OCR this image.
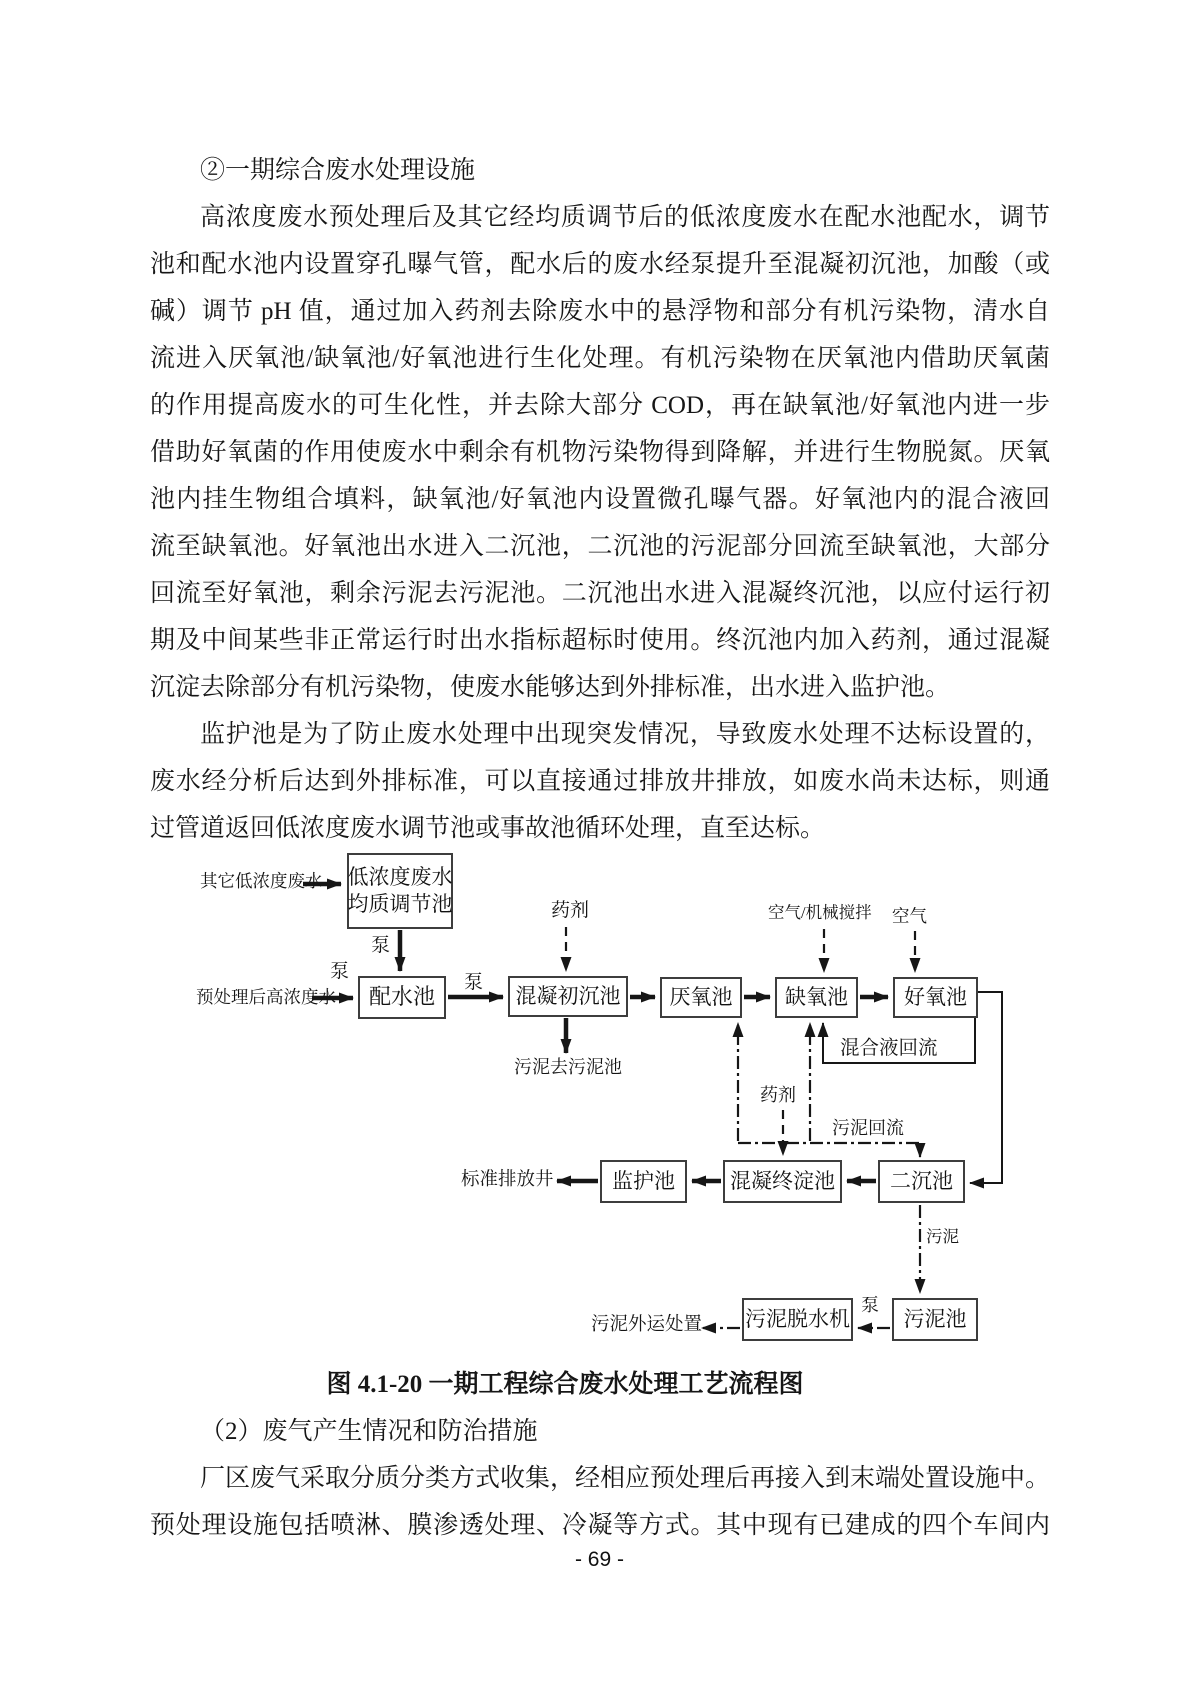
②一期综合废水处理设施
高浓度废水预处理后及其它经均质调节后的低浓度废水在配水池配水，调节
池和配水池内设置穿孔曝气管，配水后的废水经泵提升至混凝初沉池，加酸（或
碱）调节 pH 值，通过加入药剂去除废水中的悬浮物和部分有机污染物，清水自
流进入厌氧池/缺氧池/好氧池进行生化处理。有机污染物在厌氧池内借助厌氧菌
的作用提高废水的可生化性，并去除大部分 COD，再在缺氧池/好氧池内进一步
借助好氧菌的作用使废水中剩余有机物污染物得到降解，并进行生物脱氮。厌氧
池内挂生物组合填料，缺氧池/好氧池内设置微孔曝气器。好氧池内的混合液回
流至缺氧池。好氧池出水进入二沉池，二沉池的污泥部分回流至缺氧池，大部分
回流至好氧池，剩余污泥去污泥池。二沉池出水进入混凝终沉池，以应付运行初
期及中间某些非正常运行时出水指标超标时使用。终沉池内加入药剂，通过混凝
沉淀去除部分有机污染物，使废水能够达到外排标准，出水进入监护池。
监护池是为了防止废水处理中出现突发情况，导致废水处理不达标设置的，
废水经分析后达到外排标准，可以直接通过排放井排放，如废水尚未达标，则通
过管道返回低浓度废水调节池或事故池循环处理，直至达标。
图 4.1-20 一期工程综合废水处理工艺流程图
（2）废气产生情况和防治措施
厂区废气采取分质分类方式收集，经相应预处理后再接入到末端处置设施中。
预处理设施包括喷淋、膜渗透处理、冷凝等方式。其中现有已建成的四个车间内
- 69 -
低浓度废水
均质调节池
配水池	混凝初沉池 厌氧池	缺氧池	好氧池
监护池	混凝终淀池	二沉池
污泥脱水机	污泥池
其它低浓度废水
预处理后高浓度水
泵
泵
泵
药剂
污泥去污泥池
空气/机械搅拌 空气
混合液回流
药剂
污泥回流
标准排放井
污泥
泵
污泥外运处置
